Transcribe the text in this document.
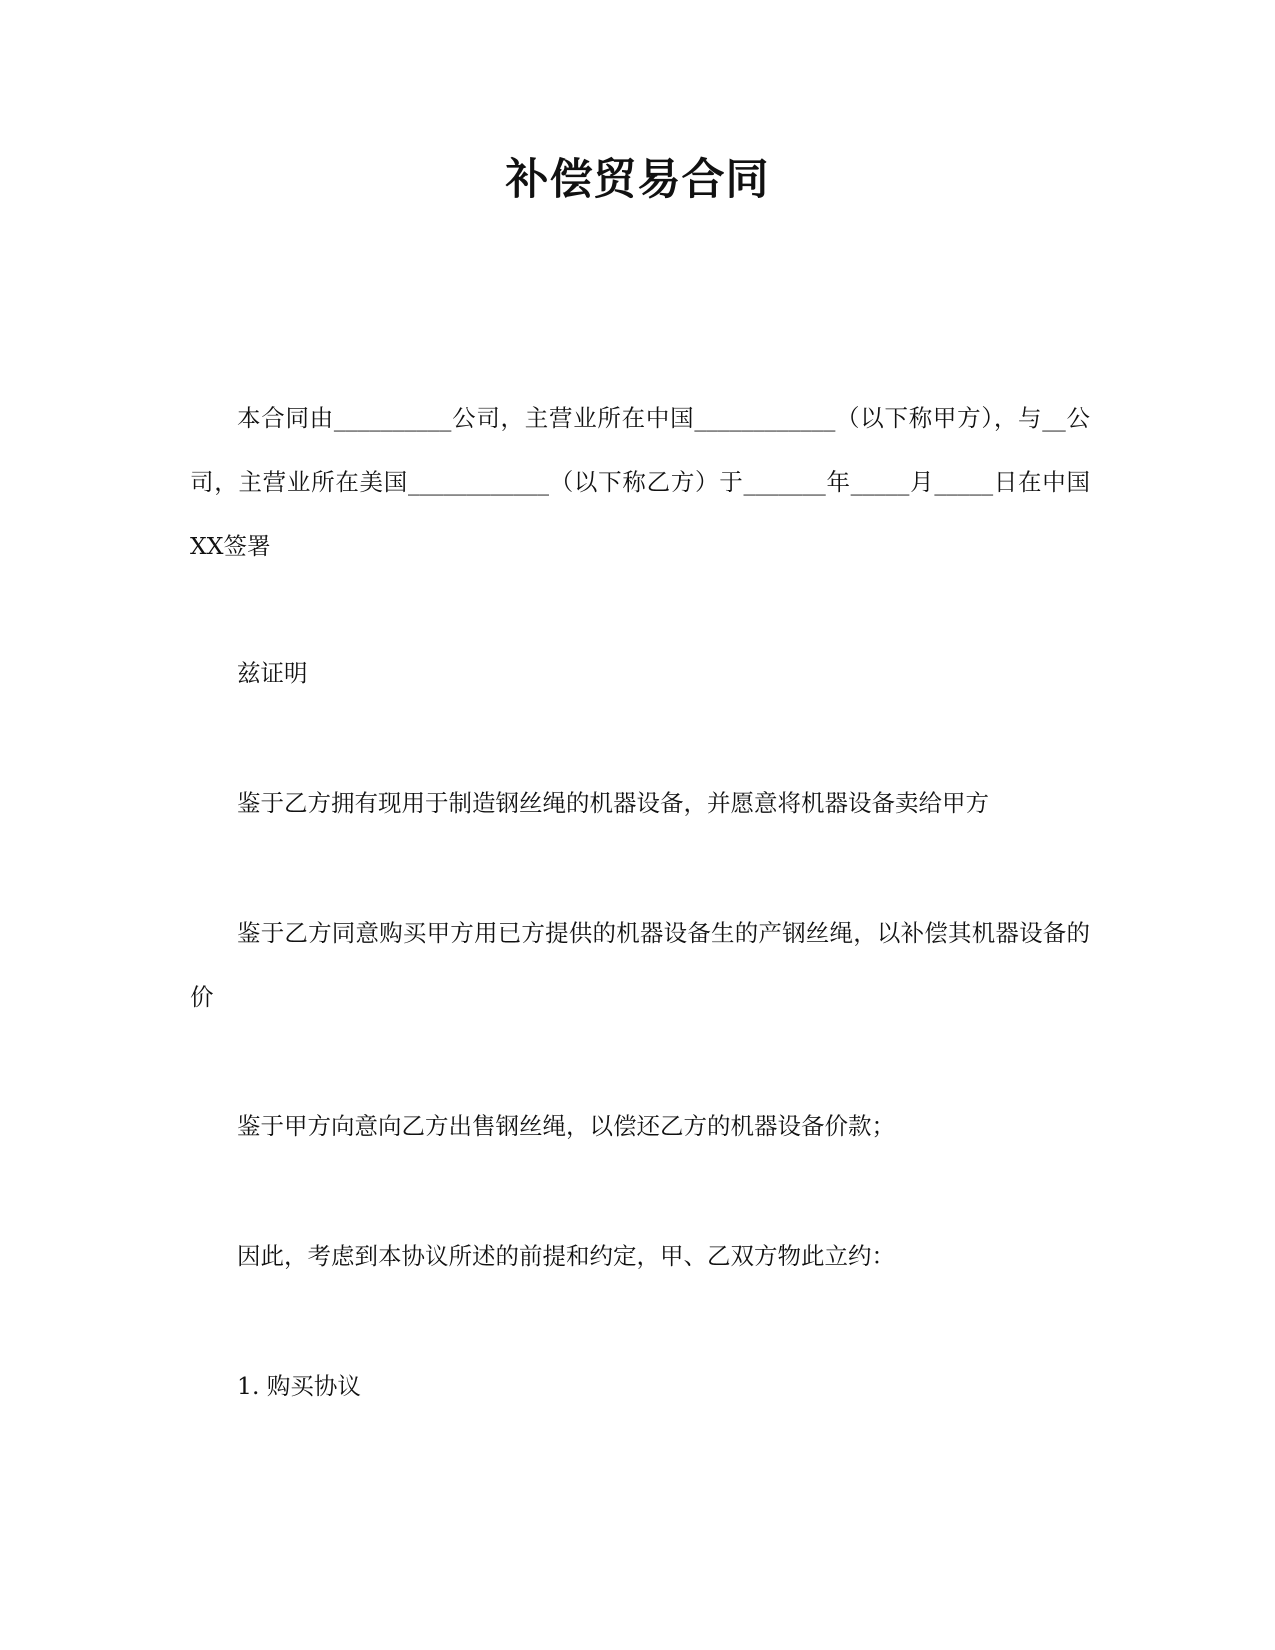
补偿贸易合同

本合同由__________公司，主营业所在中国____________（以下称甲方），与__公司，主营业所在美国____________（以下称乙方）于_______年_____月_____日在中国XX签署

兹证明

鉴于乙方拥有现用于制造钢丝绳的机器设备，并愿意将机器设备卖给甲方

鉴于乙方同意购买甲方用已方提供的机器设备生的产钢丝绳，以补偿其机器设备的价

鉴于甲方向意向乙方出售钢丝绳，以偿还乙方的机器设备价款；

因此，考虑到本协议所述的前提和约定，甲、乙双方物此立约：

1. 购买协议
